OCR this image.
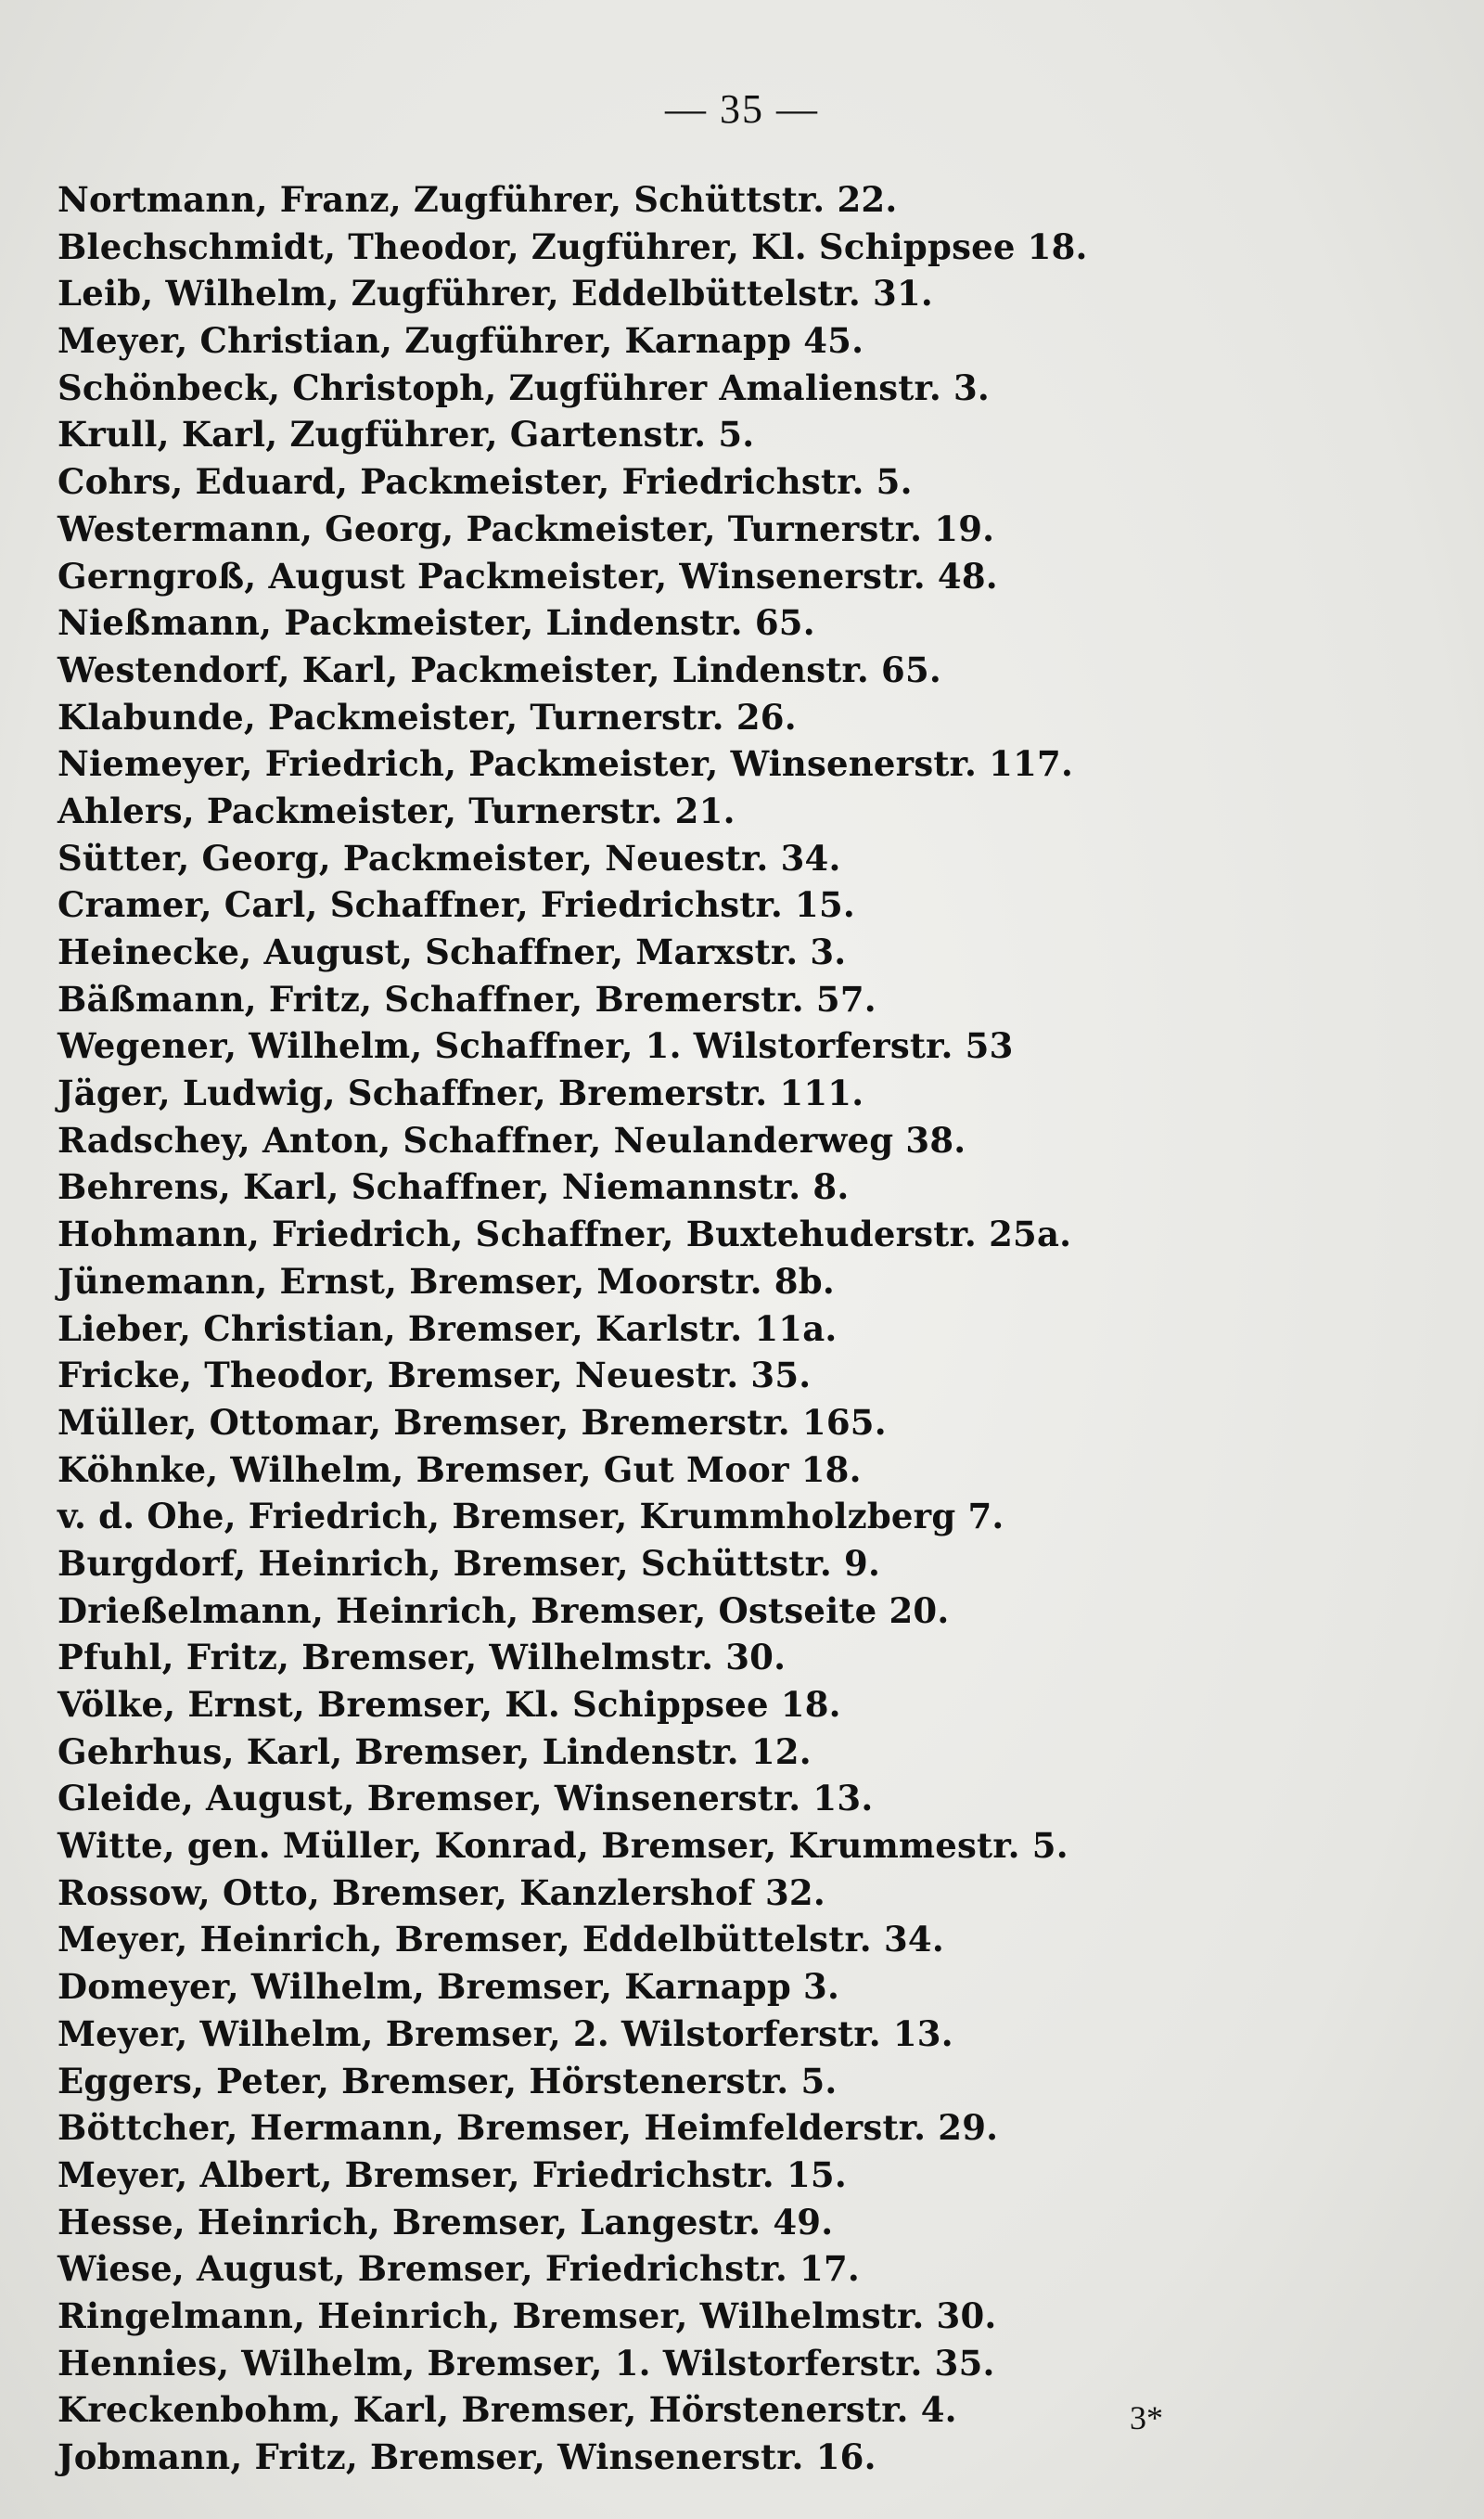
— 35 —
Nortmann, Franz, Zugführer, Schüttstr. 22.
Blechschmidt, Theodor, Zugführer, Kl. Schippsee 18.
Leib, Wilhelm, Zugführer, Eddelbüttelstr. 31.
Meyer, Christian, Zugführer, Karnapp 45.
Schönbeck, Christoph, Zugführer Amalienstr. 3.
Krull, Karl, Zugführer, Gartenstr. 5.
Cohrs, Eduard, Packmeister, Friedrichstr. 5.
Westermann, Georg, Packmeister, Turnerstr. 19.
Gerngroß, August Packmeister, Winsenerstr. 48.
Nießmann, Packmeister, Lindenstr. 65.
Westendorf, Karl, Packmeister, Lindenstr. 65.
Klabunde, Packmeister, Turnerstr. 26.
Niemeyer, Friedrich, Packmeister, Winsenerstr. 117.
Ahlers, Packmeister, Turnerstr. 21.
Sütter, Georg, Packmeister, Neuestr. 34.
Cramer, Carl, Schaffner, Friedrichstr. 15.
Heinecke, August, Schaffner, Marxstr. 3.
Bäßmann, Fritz, Schaffner, Bremerstr. 57.
Wegener, Wilhelm, Schaffner, 1. Wilstorferstr. 53
Jäger, Ludwig, Schaffner, Bremerstr. 111.
Radschey, Anton, Schaffner, Neulanderweg 38.
Behrens, Karl, Schaffner, Niemannstr. 8.
Hohmann, Friedrich, Schaffner, Buxtehuderstr. 25a.
Jünemann, Ernst, Bremser, Moorstr. 8b.
Lieber, Christian, Bremser, Karlstr. 11a.
Fricke, Theodor, Bremser, Neuestr. 35.
Müller, Ottomar, Bremser, Bremerstr. 165.
Köhnke, Wilhelm, Bremser, Gut Moor 18.
v. d. Ohe, Friedrich, Bremser, Krummholzberg 7.
Burgdorf, Heinrich, Bremser, Schüttstr. 9.
Drießelmann, Heinrich, Bremser, Ostseite 20.
Pfuhl, Fritz, Bremser, Wilhelmstr. 30.
Völke, Ernst, Bremser, Kl. Schippsee 18.
Gehrhus, Karl, Bremser, Lindenstr. 12.
Gleide, August, Bremser, Winsenerstr. 13.
Witte, gen. Müller, Konrad, Bremser, Krummestr. 5.
Rossow, Otto, Bremser, Kanzlershof 32.
Meyer, Heinrich, Bremser, Eddelbüttelstr. 34.
Domeyer, Wilhelm, Bremser, Karnapp 3.
Meyer, Wilhelm, Bremser, 2. Wilstorferstr. 13.
Eggers, Peter, Bremser, Hörstenerstr. 5.
Böttcher, Hermann, Bremser, Heimfelderstr. 29.
Meyer, Albert, Bremser, Friedrichstr. 15.
Hesse, Heinrich, Bremser, Langestr. 49.
Wiese, August, Bremser, Friedrichstr. 17.
Ringelmann, Heinrich, Bremser, Wilhelmstr. 30.
Hennies, Wilhelm, Bremser, 1. Wilstorferstr. 35.
Kreckenbohm, Karl, Bremser, Hörstenerstr. 4.
Jobmann, Fritz, Bremser, Winsenerstr. 16.
3*
